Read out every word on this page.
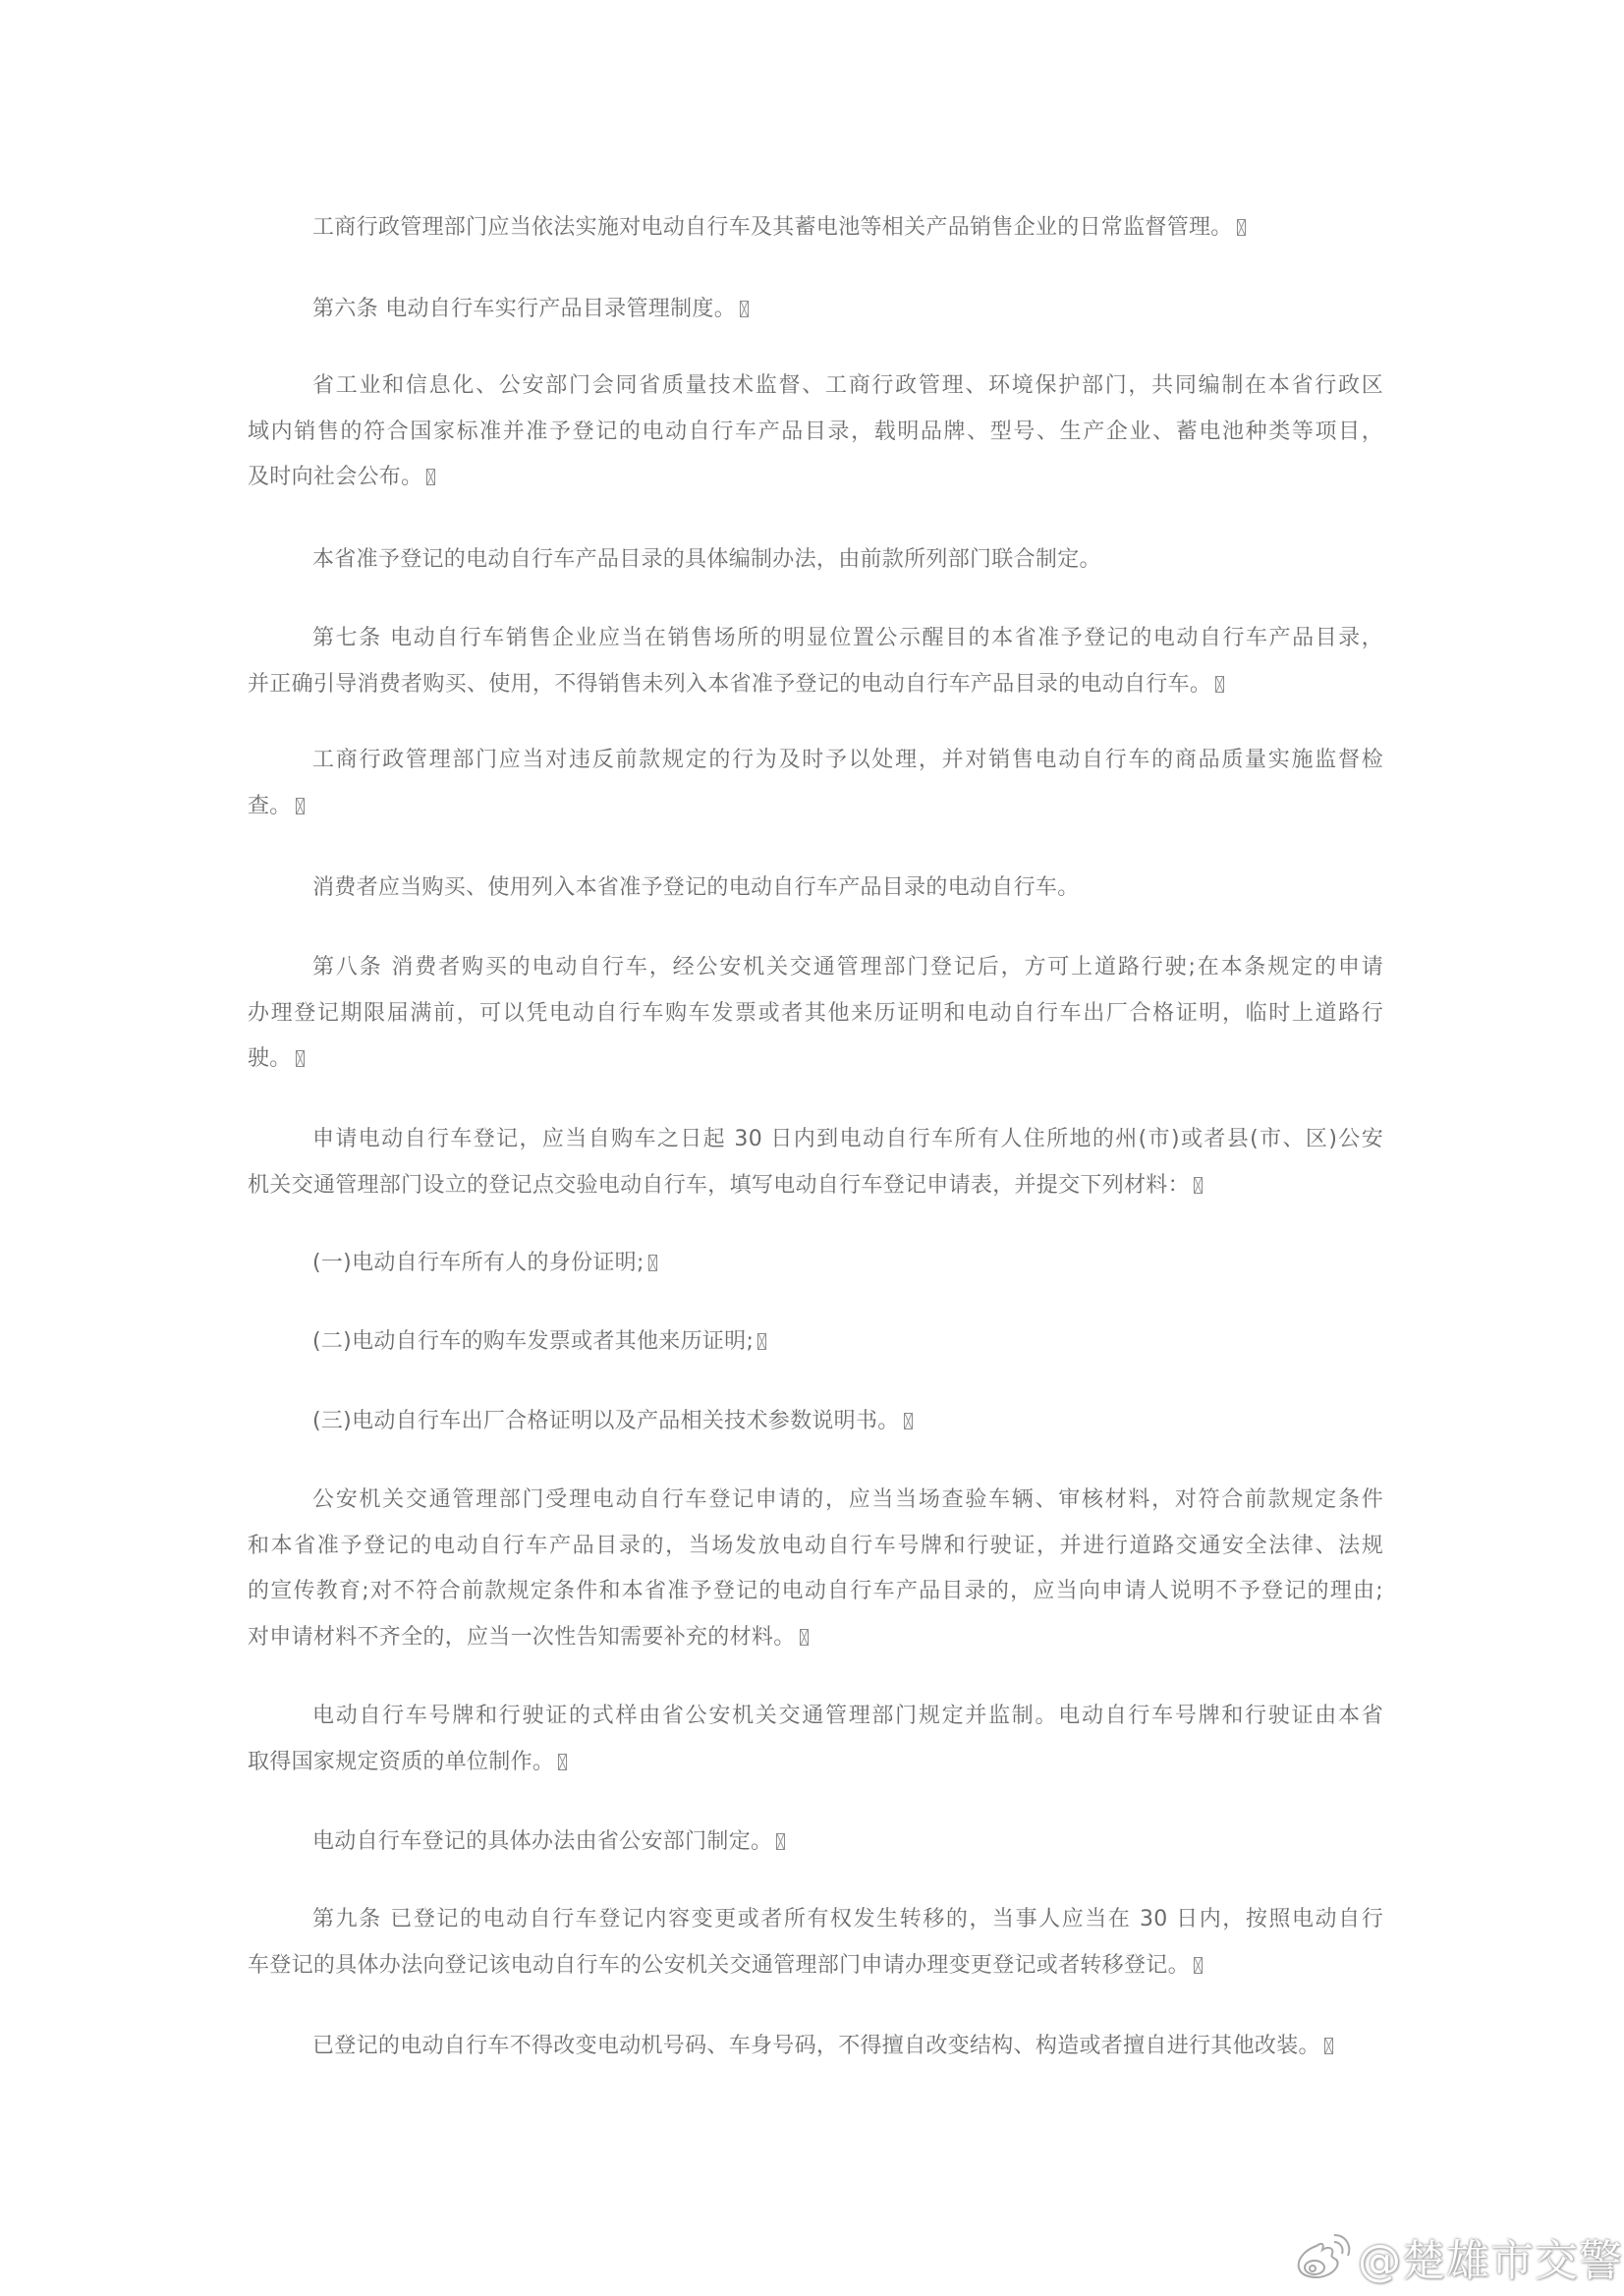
工商行政管理部门应当依法实施对电动自行车及其蓄电池等相关产品销售企业的日常监督管理。
第六条 电动自行车实行产品目录管理制度。
省工业和信息化、公安部门会同省质量技术监督、工商行政管理、环境保护部门，共同编制在本省行政区
域内销售的符合国家标准并准予登记的电动自行车产品目录，载明品牌、型号、生产企业、蓄电池种类等项目，
及时向社会公布。
本省准予登记的电动自行车产品目录的具体编制办法，由前款所列部门联合制定。
第七条 电动自行车销售企业应当在销售场所的明显位置公示醒目的本省准予登记的电动自行车产品目录，
并正确引导消费者购买、使用，不得销售未列入本省准予登记的电动自行车产品目录的电动自行车。
工商行政管理部门应当对违反前款规定的行为及时予以处理，并对销售电动自行车的商品质量实施监督检
查。
消费者应当购买、使用列入本省准予登记的电动自行车产品目录的电动自行车。
第八条 消费者购买的电动自行车，经公安机关交通管理部门登记后，方可上道路行驶;在本条规定的申请
办理登记期限届满前，可以凭电动自行车购车发票或者其他来历证明和电动自行车出厂合格证明，临时上道路行
驶。
申请电动自行车登记，应当自购车之日起 30 日内到电动自行车所有人住所地的州(市)或者县(市、区)公安
机关交通管理部门设立的登记点交验电动自行车，填写电动自行车登记申请表，并提交下列材料：
(一)电动自行车所有人的身份证明;
(二)电动自行车的购车发票或者其他来历证明;
(三)电动自行车出厂合格证明以及产品相关技术参数说明书。
公安机关交通管理部门受理电动自行车登记申请的，应当当场查验车辆、审核材料，对符合前款规定条件
和本省准予登记的电动自行车产品目录的，当场发放电动自行车号牌和行驶证，并进行道路交通安全法律、法规
的宣传教育;对不符合前款规定条件和本省准予登记的电动自行车产品目录的，应当向申请人说明不予登记的理由;
对申请材料不齐全的，应当一次性告知需要补充的材料。
电动自行车号牌和行驶证的式样由省公安机关交通管理部门规定并监制。电动自行车号牌和行驶证由本省
取得国家规定资质的单位制作。
电动自行车登记的具体办法由省公安部门制定。
第九条 已登记的电动自行车登记内容变更或者所有权发生转移的，当事人应当在 30 日内，按照电动自行
车登记的具体办法向登记该电动自行车的公安机关交通管理部门申请办理变更登记或者转移登记。
已登记的电动自行车不得改变电动机号码、车身号码，不得擅自改变结构、构造或者擅自进行其他改装。
@楚雄市交警
